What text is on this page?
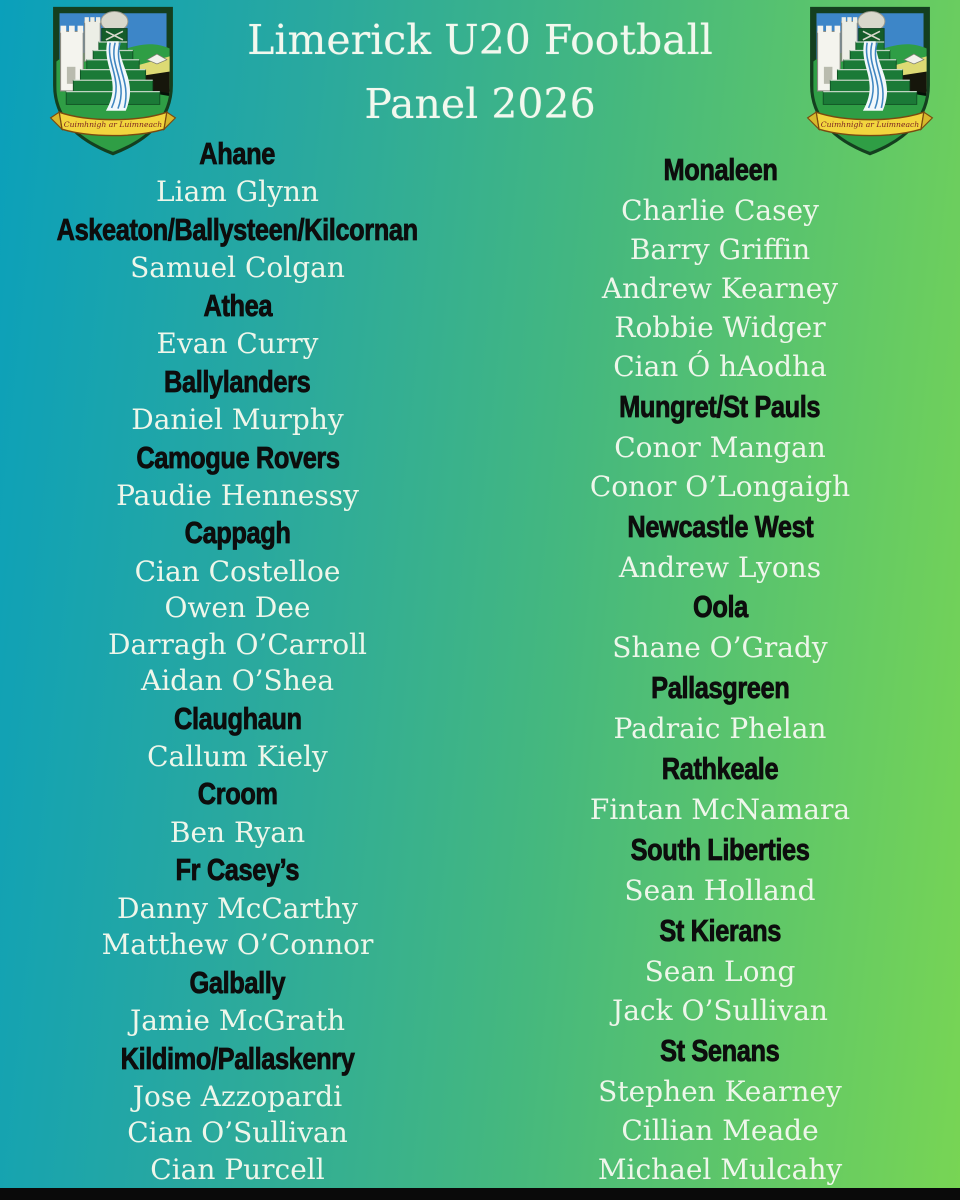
Cuimhnigh ar Luimneach
Limerick U20 Football
Panel 2026
Ahane
Liam Glynn
Askeaton/Ballysteen/Kilcornan
Samuel Colgan
Athea
Evan Curry
Ballylanders
Daniel Murphy
Camogue Rovers
Paudie Hennessy
Cappagh
Cian Costelloe
Owen Dee
Darragh O’Carroll
Aidan O’Shea
Claughaun
Callum Kiely
Croom
Ben Ryan
Fr Casey’s
Danny McCarthy
Matthew O’Connor
Galbally
Jamie McGrath
Kildimo/Pallaskenry
Jose Azzopardi
Cian O’Sullivan
Cian Purcell
Monaleen
Charlie Casey
Barry Griffin
Andrew Kearney
Robbie Widger
Cian Ó hAodha
Mungret/St Pauls
Conor Mangan
Conor O’Longaigh
Newcastle West
Andrew Lyons
Oola
Shane O’Grady
Pallasgreen
Padraic Phelan
Rathkeale
Fintan McNamara
South Liberties
Sean Holland
St Kierans
Sean Long
Jack O’Sullivan
St Senans
Stephen Kearney
Cillian Meade
Michael Mulcahy
